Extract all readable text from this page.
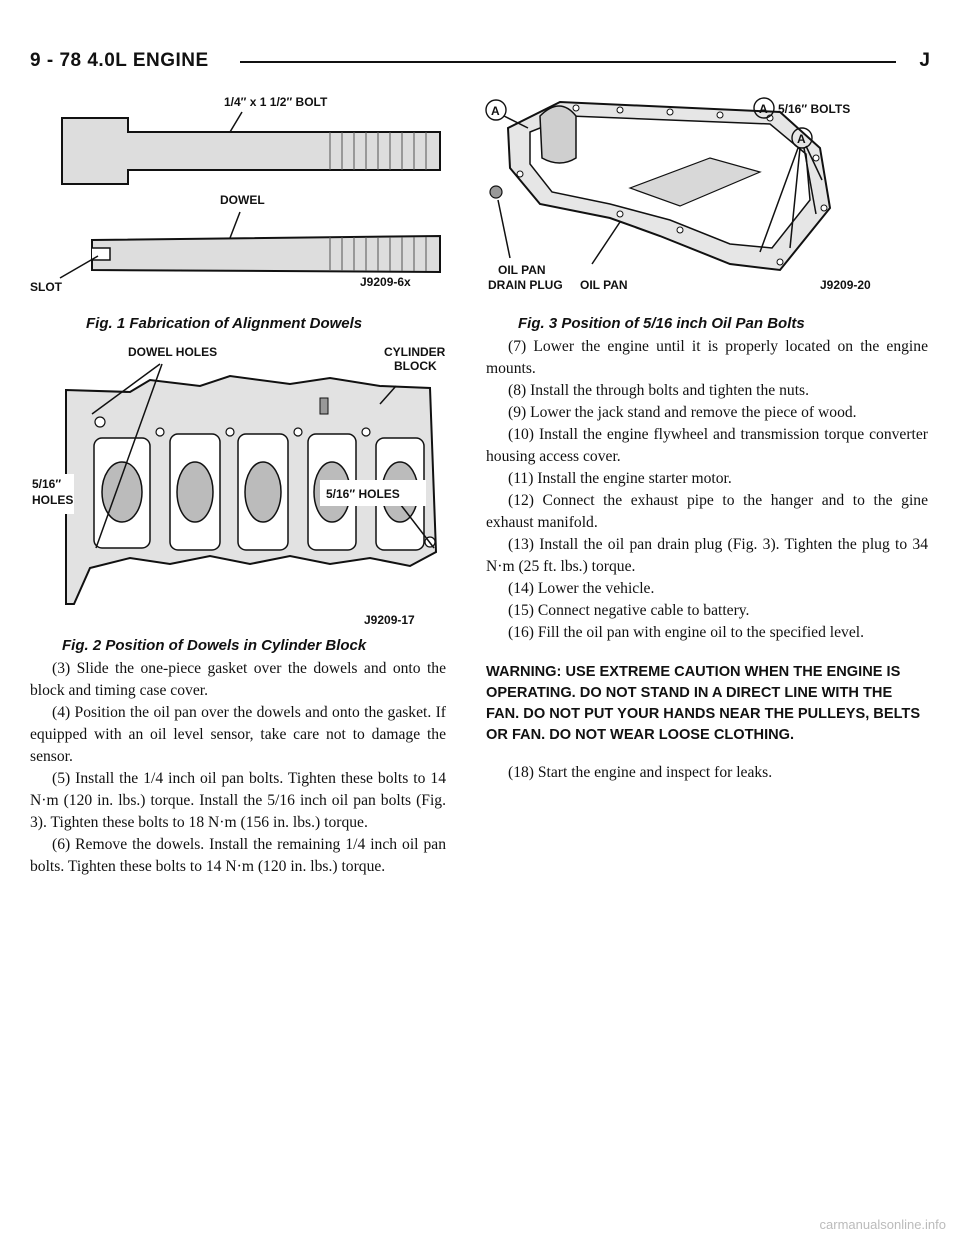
9 - 78 4.0L ENGINE	J
1/4″ x 1 1/2″ BOLT
DOWEL
SLOT	J9209-6x
Fig. 1 Fabrication of Alignment Dowels
DOWEL HOLES	CYLINDER
BLOCK
5/16″
HOLES	5/16″ HOLES
J9209-17
Fig. 2 Position of Dowels in Cylinder Block
A	A
A
5/16″ BOLTS
OIL PAN
DRAIN PLUG OIL PAN	J9209-20
Fig. 3 Position of 5/16 inch Oil Pan Bolts

(3) Slide the one-piece gasket over the dowels and onto the block and timing case cover.

(4) Position the oil pan over the dowels and onto the gasket. If equipped with an oil level sensor, take care not to damage the sensor.

(5) Install the 1/4 inch oil pan bolts. Tighten these bolts to 14 N·m (120 in. lbs.) torque. Install the 5/16 inch oil pan bolts (Fig. 3). Tighten these bolts to 18 N·m (156 in. lbs.) torque.

(6) Remove the dowels. Install the remaining 1/4 inch oil pan bolts. Tighten these bolts to 14 N·m (120 in. lbs.) torque.

(7) Lower the engine until it is properly located on the engine mounts.

(8) Install the through bolts and tighten the nuts.

(9) Lower the jack stand and remove the piece of wood.

(10) Install the engine flywheel and transmission torque converter housing access cover.

(11) Install the engine starter motor.

(12) Connect the exhaust pipe to the hanger and to the gine exhaust manifold.

(13) Install the oil pan drain plug (Fig. 3). Tighten the plug to 34 N·m (25 ft. lbs.) torque.

(14) Lower the vehicle.

(15) Connect negative cable to battery.

(16) Fill the oil pan with engine oil to the specified level.

WARNING: USE EXTREME CAUTION WHEN THE ENGINE IS OPERATING. DO NOT STAND IN A DIRECT LINE WITH THE FAN. DO NOT PUT YOUR HANDS NEAR THE PULLEYS, BELTS OR FAN. DO NOT WEAR LOOSE CLOTHING.

(18) Start the engine and inspect for leaks.

carmanualsonline.info
